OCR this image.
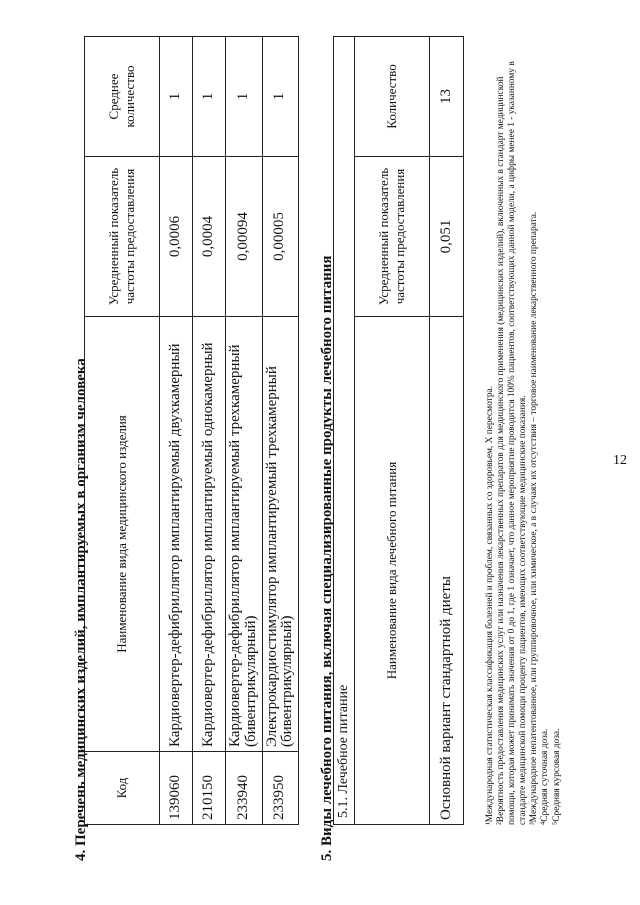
12
4. Перечень медицинских изделий, имплантируемых в организм человека Код	Наименование вида медицинского изделия	Усредненный показатель частоты предоставления	Среднее количество
139060	Кардиовертер-дефибриллятор имплантируемый двухкамерный	0,0006	1
210150	Кардиовертер-дефибриллятор имплантируемый однокамерный	0,0004	1
233940	Кардиовертер-дефибриллятор имплантируемый трехкамерный (бивентрикулярный)	0,00094	1
233950	Электрокардиостимулятор имплантируемый трехкамерный (бивентрикулярный)	0,00005	1
5. Виды лечебного питания, включая специализированные продукты лечебного питания 5.1. Лечебное питание		
Наименование вида лечебного питания	Усредненный показатель частоты предоставления	Количество
Основной вариант стандартной диеты	0,051	13

¹Международная статистическая классификация болезней и проблем, связанных со здоровьем, X пересмотра. ²Вероятность предоставления медицинских услуг или назначения лекарственных препаратов для медицинского применения (медицинских изделий), включенных в стандарт медицинской помощи, которая может принимать значения от 0 до 1, где 1 означает, что данное мероприятие проводится 100% пациентов, соответствующих данной модели, а цифры менее 1 - указанному в стандарте медицинской помощи проценту пациентов, имеющих соответствующие медицинские показания. ³Международное непатентованное, или группировочное, или химическое, а в случаях их отсутствия – торговое наименование лекарственного препарата. ⁴Средняя суточная доза. ⁵Средняя курсовая доза.
